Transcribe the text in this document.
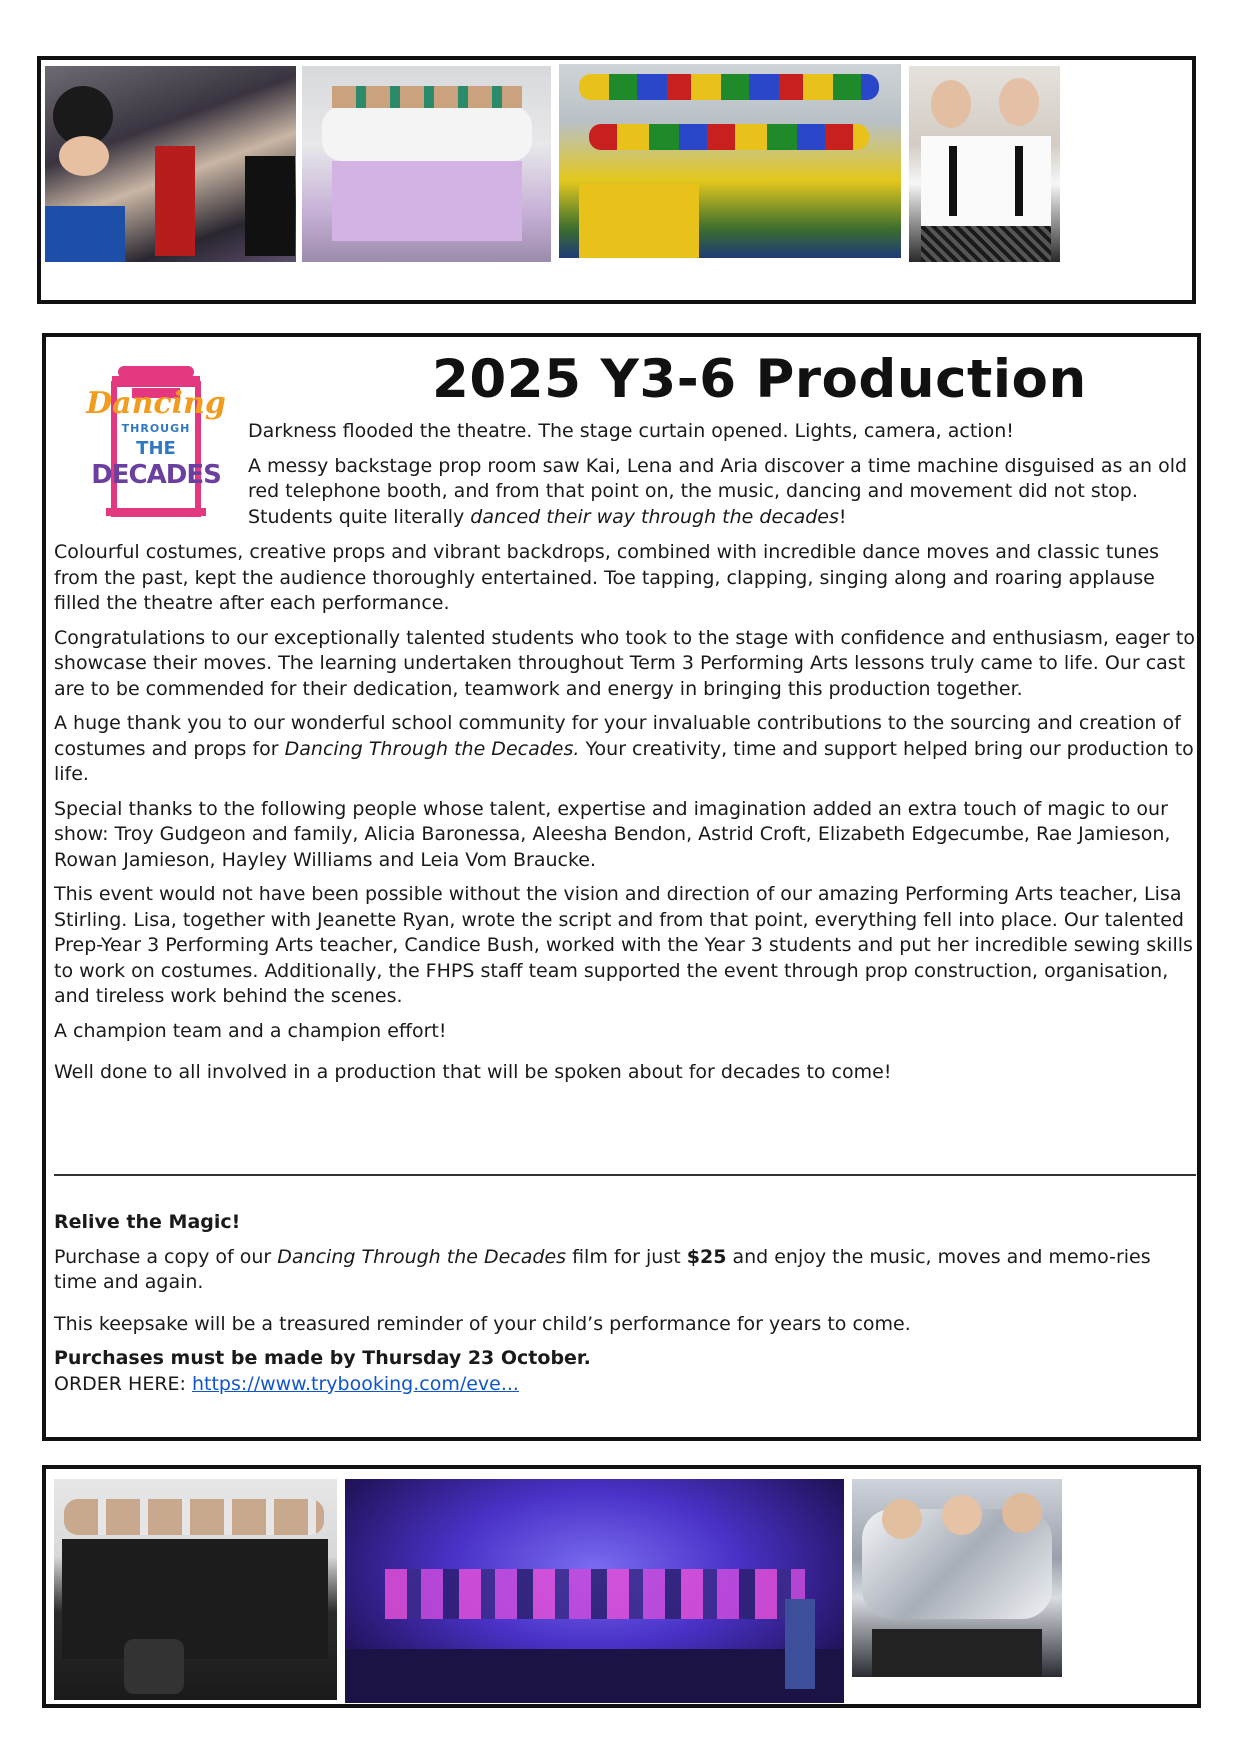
Dancing
THROUGH
THE
DECADES
2025 Y3-6 Production

Darkness flooded the theatre. The stage curtain opened. Lights, camera, action!

A messy backstage prop room saw Kai, Lena and Aria discover a time machine disguised as an old red telephone booth, and from that point on, the music, dancing and movement did not stop. Students quite literally danced their way through the decades!

Colourful costumes, creative props and vibrant backdrops, combined with incredible dance moves and classic tunes from the past, kept the audience thoroughly entertained. Toe tapping, clapping, singing along and roaring applause filled the theatre after each performance.

Congratulations to our exceptionally talented students who took to the stage with confidence and enthusiasm, eager to showcase their moves. The learning undertaken throughout Term 3 Performing Arts lessons truly came to life. Our cast are to be commended for their dedication, teamwork and energy in bringing this production together.

A huge thank you to our wonderful school community for your invaluable contributions to the sourcing and creation of costumes and props for Dancing Through the Decades. Your creativity, time and support helped bring our production to life.

Special thanks to the following people whose talent, expertise and imagination added an extra touch of magic to our show: Troy Gudgeon and family, Alicia Baronessa, Aleesha Bendon, Astrid Croft, Elizabeth Edgecumbe, Rae Jamieson, Rowan Jamieson, Hayley Williams and Leia Vom Braucke.

This event would not have been possible without the vision and direction of our amazing Performing Arts teacher, Lisa Stirling. Lisa, together with Jeanette Ryan, wrote the script and from that point, everything fell into place. Our talented Prep-Year 3 Performing Arts teacher, Candice Bush, worked with the Year 3 students and put her incredible sewing skills to work on costumes. Additionally, the FHPS staff team supported the event through prop construction, organisation, and tireless work behind the scenes.

A champion team and a champion effort!

Well done to all involved in a production that will be spoken about for decades to come!

Relive the Magic!

Purchase a copy of our Dancing Through the Decades film for just $25 and enjoy the music, moves and memo-ries time and again.

This keepsake will be a treasured reminder of your child’s performance for years to come.

Purchases must be made by Thursday 23 October.

ORDER HERE: https://www.trybooking.com/eve...
